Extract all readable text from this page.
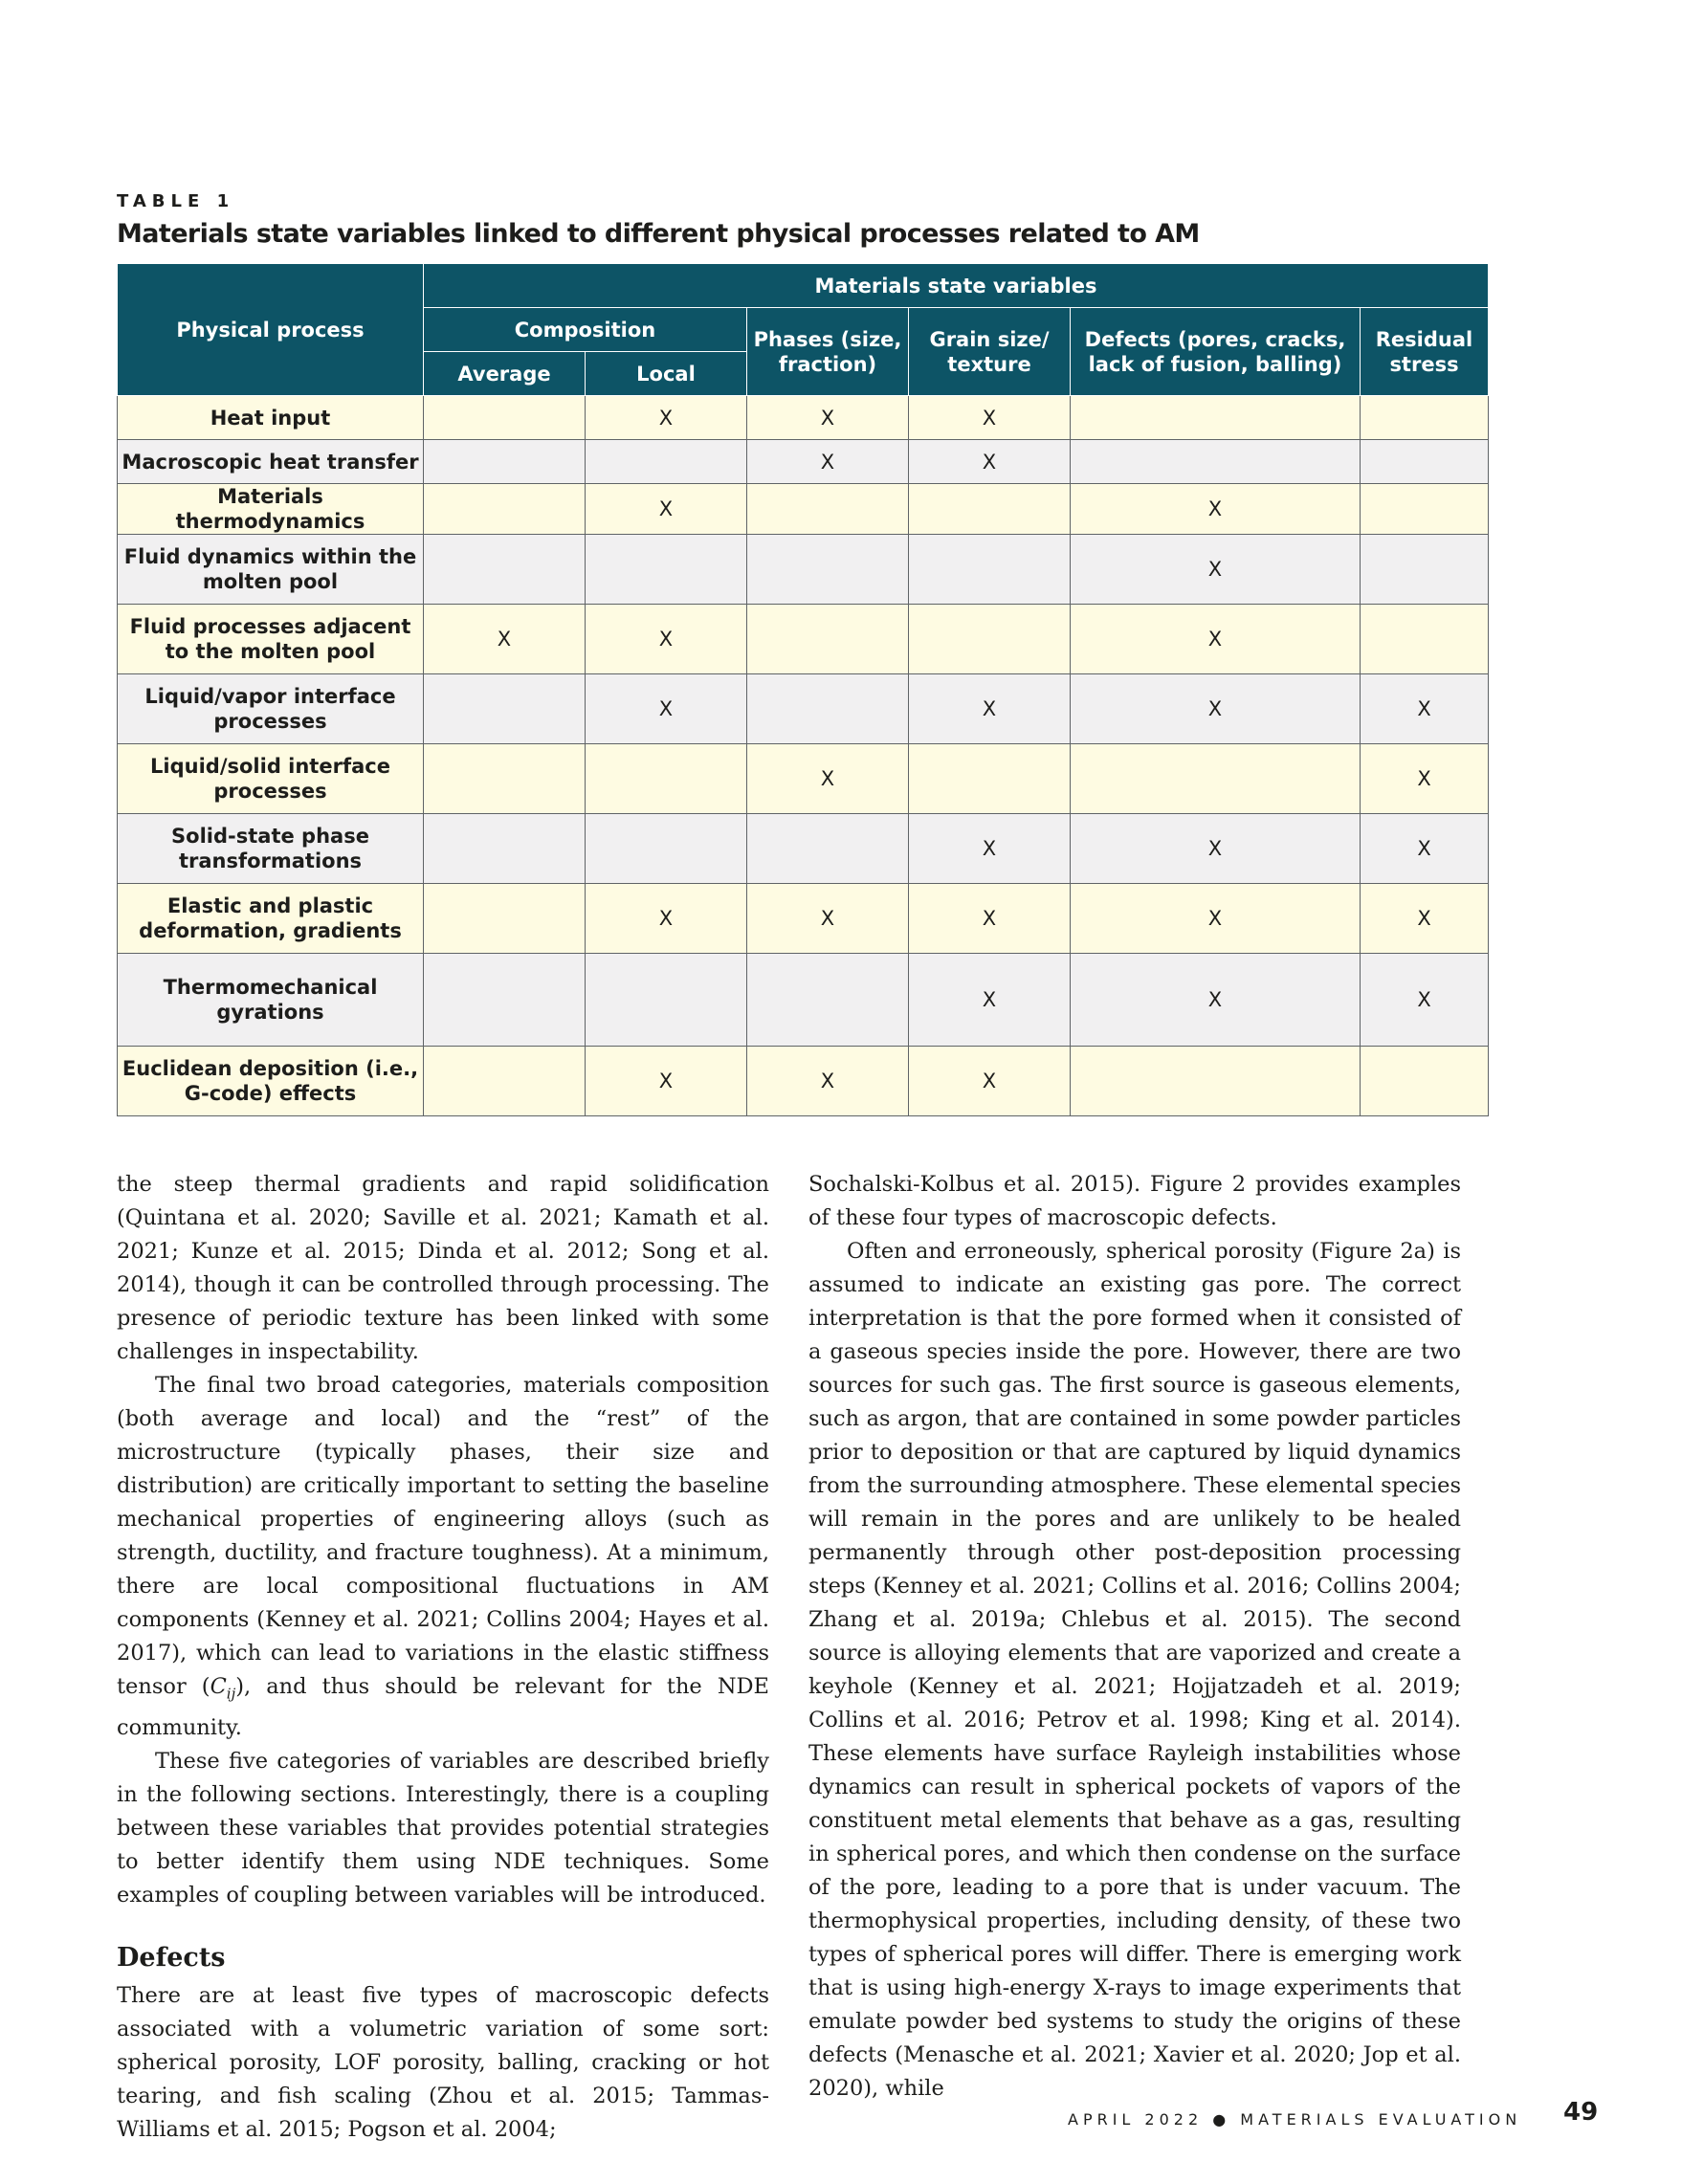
TABLE 1
Materials state variables linked to different physical processes related to AM
Physical process	Materials state variables					
	Composition		Phases (size, fraction)	Grain size/ texture	Defects (pores, cracks, lack of fusion, balling)	Residual stress
	Average	Local				
Heat input		X	X	X		
Macroscopic heat transfer			X	X		
Materials thermodynamics		X			X	
Fluid dynamics within the molten pool					X	
Fluid processes adjacent to the molten pool	X	X			X	
Liquid/vapor interface processes		X		X	X	X
Liquid/solid interface processes			X			X
Solid-state phase transformations				X	X	X
Elastic and plastic deformation, gradients		X	X	X	X	X
Thermomechanical gyrations				X	X	X
Euclidean deposition (i.e., G-code) effects		X	X	X		

the steep thermal gradients and rapid solidification (Quintana et al. 2020; Saville et al. 2021; Kamath et al. 2021; Kunze et al. 2015; Dinda et al. 2012; Song et al. 2014), though it can be controlled through processing. The presence of periodic texture has been linked with some challenges in inspectability.

The final two broad categories, materials composition (both average and local) and the “rest” of the microstructure (typically phases, their size and distribution) are critically important to setting the baseline mechanical properties of engineering alloys (such as strength, ductility, and fracture toughness). At a minimum, there are local compositional fluctuations in AM components (Kenney et al. 2021; Collins 2004; Hayes et al. 2017), which can lead to variations in the elastic stiffness tensor $(C_{ij})$, and thus should be relevant for the NDE community.

These five categories of variables are described briefly in the following sections. Interestingly, there is a coupling between these variables that provides potential strategies to better identify them using NDE techniques. Some examples of coupling between variables will be introduced.

Defects

There are at least five types of macroscopic defects associated with a volumetric variation of some sort: spherical porosity, LOF porosity, balling, cracking or hot tearing, and fish scaling (Zhou et al. 2015; Tammas-Williams et al. 2015; Pogson et al. 2004;

Sochalski-Kolbus et al. 2015). Figure 2 provides examples of these four types of macroscopic defects.

Often and erroneously, spherical porosity (Figure 2a) is assumed to indicate an existing gas pore. The correct interpretation is that the pore formed when it consisted of a gaseous species inside the pore. However, there are two sources for such gas. The first source is gaseous elements, such as argon, that are contained in some powder particles prior to deposition or that are captured by liquid dynamics from the surrounding atmosphere. These elemental species will remain in the pores and are unlikely to be healed permanently through other post-deposition processing steps (Kenney et al. 2021; Collins et al. 2016; Collins 2004; Zhang et al. 2019a; Chlebus et al. 2015). The second source is alloying elements that are vaporized and create a keyhole (Kenney et al. 2021; Hojjatzadeh et al. 2019; Collins et al. 2016; Petrov et al. 1998; King et al. 2014). These elements have surface Rayleigh instabilities whose dynamics can result in spherical pockets of vapors of the constituent metal elements that behave as a gas, resulting in spherical pores, and which then condense on the surface of the pore, leading to a pore that is under vacuum. The thermophysical properties, including density, of these two types of spherical pores will differ. There is emerging work that is using high-energy X-rays to image experiments that emulate powder bed systems to study the origins of these defects (Menasche et al. 2021; Xavier et al. 2020; Jop et al. 2020), while

APRIL 2022 ● MATERIALS EVALUATION 49
